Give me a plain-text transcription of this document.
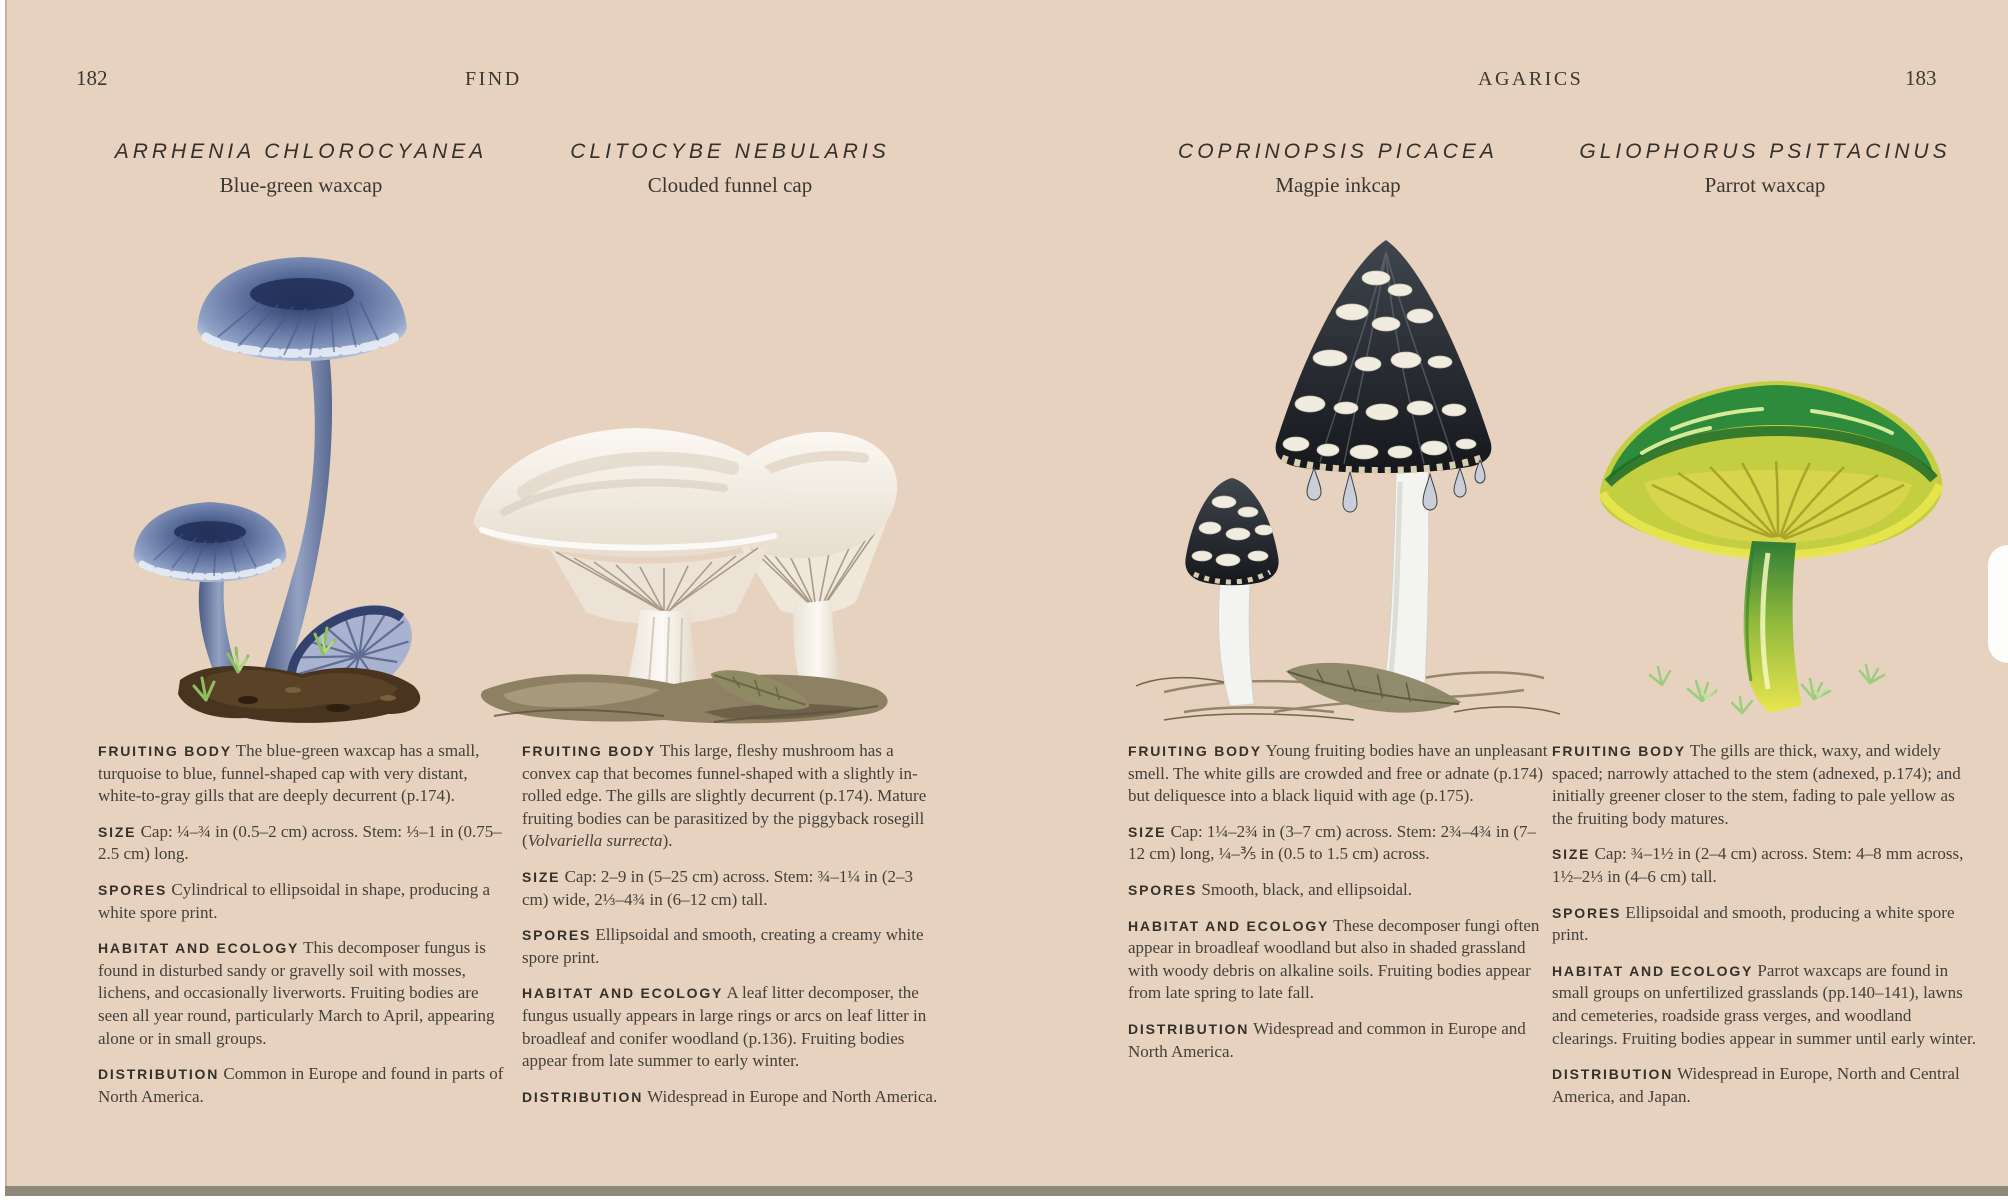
182	FIND	AGARICS	183
ARRHENIA CHLOROCYANEA
Blue-green waxcap

FRUITING BODY The blue-green waxcap has a small, turquoise to blue, funnel-shaped cap with very distant, white-to-gray gills that are deeply decurrent (p.174).

SIZE Cap: ¼–¾ in (0.5–2 cm) across. Stem: ⅓–1 in (0.75–2.5 cm) long.

SPORES Cylindrical to ellipsoidal in shape, producing a white spore print.

HABITAT AND ECOLOGY This decomposer fungus is found in disturbed sandy or gravelly soil with mosses, lichens, and occasionally liverworts. Fruiting bodies are seen all year round, particularly March to April, appearing alone or in small groups.

DISTRIBUTION Common in Europe and found in parts of North America.

CLITOCYBE NEBULARIS
Clouded funnel cap

FRUITING BODY This large, fleshy mushroom has a convex cap that becomes funnel-shaped with a slightly in-rolled edge. The gills are slightly decurrent (p.174). Mature fruiting bodies can be parasitized by the piggyback rosegill (Volvariella surrecta).

SIZE Cap: 2–9 in (5–25 cm) across. Stem: ¾–1¼ in (2–3 cm) wide, 2⅓–4¾ in (6–12 cm) tall.

SPORES Ellipsoidal and smooth, creating a creamy white spore print.

HABITAT AND ECOLOGY A leaf litter decomposer, the fungus usually appears in large rings or arcs on leaf litter in broadleaf and conifer woodland (p.136). Fruiting bodies appear from late summer to early winter.

DISTRIBUTION Widespread in Europe and North America.

COPRINOPSIS PICACEA
Magpie inkcap

FRUITING BODY Young fruiting bodies have an unpleasant smell. The white gills are crowded and free or adnate (p.174) but deliquesce into a black liquid with age (p.175).

SIZE Cap: 1¼–2¾ in (3–7 cm) across. Stem: 2¾–4¾ in (7–12 cm) long, ¼–⅗ in (0.5 to 1.5 cm) across.

SPORES Smooth, black, and ellipsoidal.

HABITAT AND ECOLOGY These decomposer fungi often appear in broadleaf woodland but also in shaded grassland with woody debris on alkaline soils. Fruiting bodies appear from late spring to late fall.

DISTRIBUTION Widespread and common in Europe and North America.

GLIOPHORUS PSITTACINUS
Parrot waxcap

FRUITING BODY The gills are thick, waxy, and widely spaced; narrowly attached to the stem (adnexed, p.174); and initially greener closer to the stem, fading to pale yellow as the fruiting body matures.

SIZE Cap: ¾–1½ in (2–4 cm) across. Stem: 4–8 mm across, 1½–2⅓ in (4–6 cm) tall.

SPORES Ellipsoidal and smooth, producing a white spore print.

HABITAT AND ECOLOGY Parrot waxcaps are found in small groups on unfertilized grasslands (pp.140–141), lawns and cemeteries, roadside grass verges, and woodland clearings. Fruiting bodies appear in summer until early winter.

DISTRIBUTION Widespread in Europe, North and Central America, and Japan.
